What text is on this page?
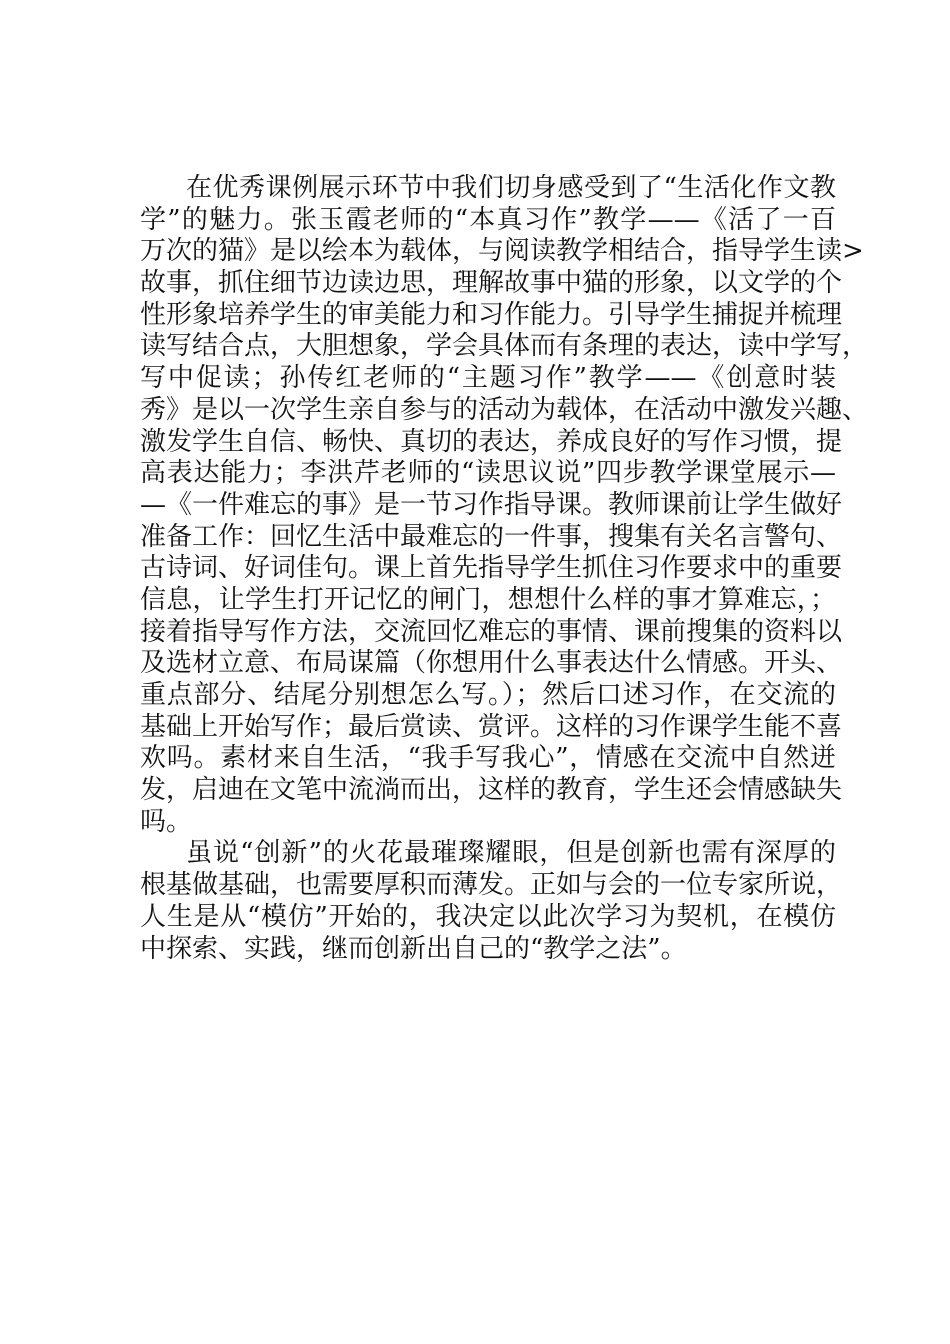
在优秀课例展示环节中我们切身感受到了“生活化作文教
学”的魅力。张玉霞老师的“本真习作”教学——《活了一百
万次的猫》是以绘本为载体，与阅读教学相结合，指导学生读>
故事，抓住细节边读边思，理解故事中猫的形象，以文学的个
性形象培养学生的审美能力和习作能力。引导学生捕捉并梳理
读写结合点，大胆想象，学会具体而有条理的表达，读中学写，
写中促读；孙传红老师的“主题习作”教学——《创意时装
秀》是以一次学生亲自参与的活动为载体，在活动中激发兴趣、
激发学生自信、畅快、真切的表达，养成良好的写作习惯，提
高表达能力；李洪芹老师的“读思议说”四步教学课堂展示—
—《一件难忘的事》是一节习作指导课。教师课前让学生做好
准备工作：回忆生活中最难忘的一件事，搜集有关名言警句、
古诗词、好词佳句。课上首先指导学生抓住习作要求中的重要
信息，让学生打开记忆的闸门，想想什么样的事才算难忘，；
接着指导写作方法，交流回忆难忘的事情、课前搜集的资料以
及选材立意、布局谋篇（你想用什么事表达什么情感。开头、
重点部分、结尾分别想怎么写。）；然后口述习作，在交流的
基础上开始写作；最后赏读、赏评。这样的习作课学生能不喜
欢吗。素材来自生活，“我手写我心”，情感在交流中自然迸
发，启迪在文笔中流淌而出，这样的教育，学生还会情感缺失
吗。
虽说“创新”的火花最璀璨耀眼，但是创新也需有深厚的
根基做基础，也需要厚积而薄发。正如与会的一位专家所说，
人生是从“模仿”开始的，我决定以此次学习为契机，在模仿
中探索、实践，继而创新出自己的“教学之法”。
